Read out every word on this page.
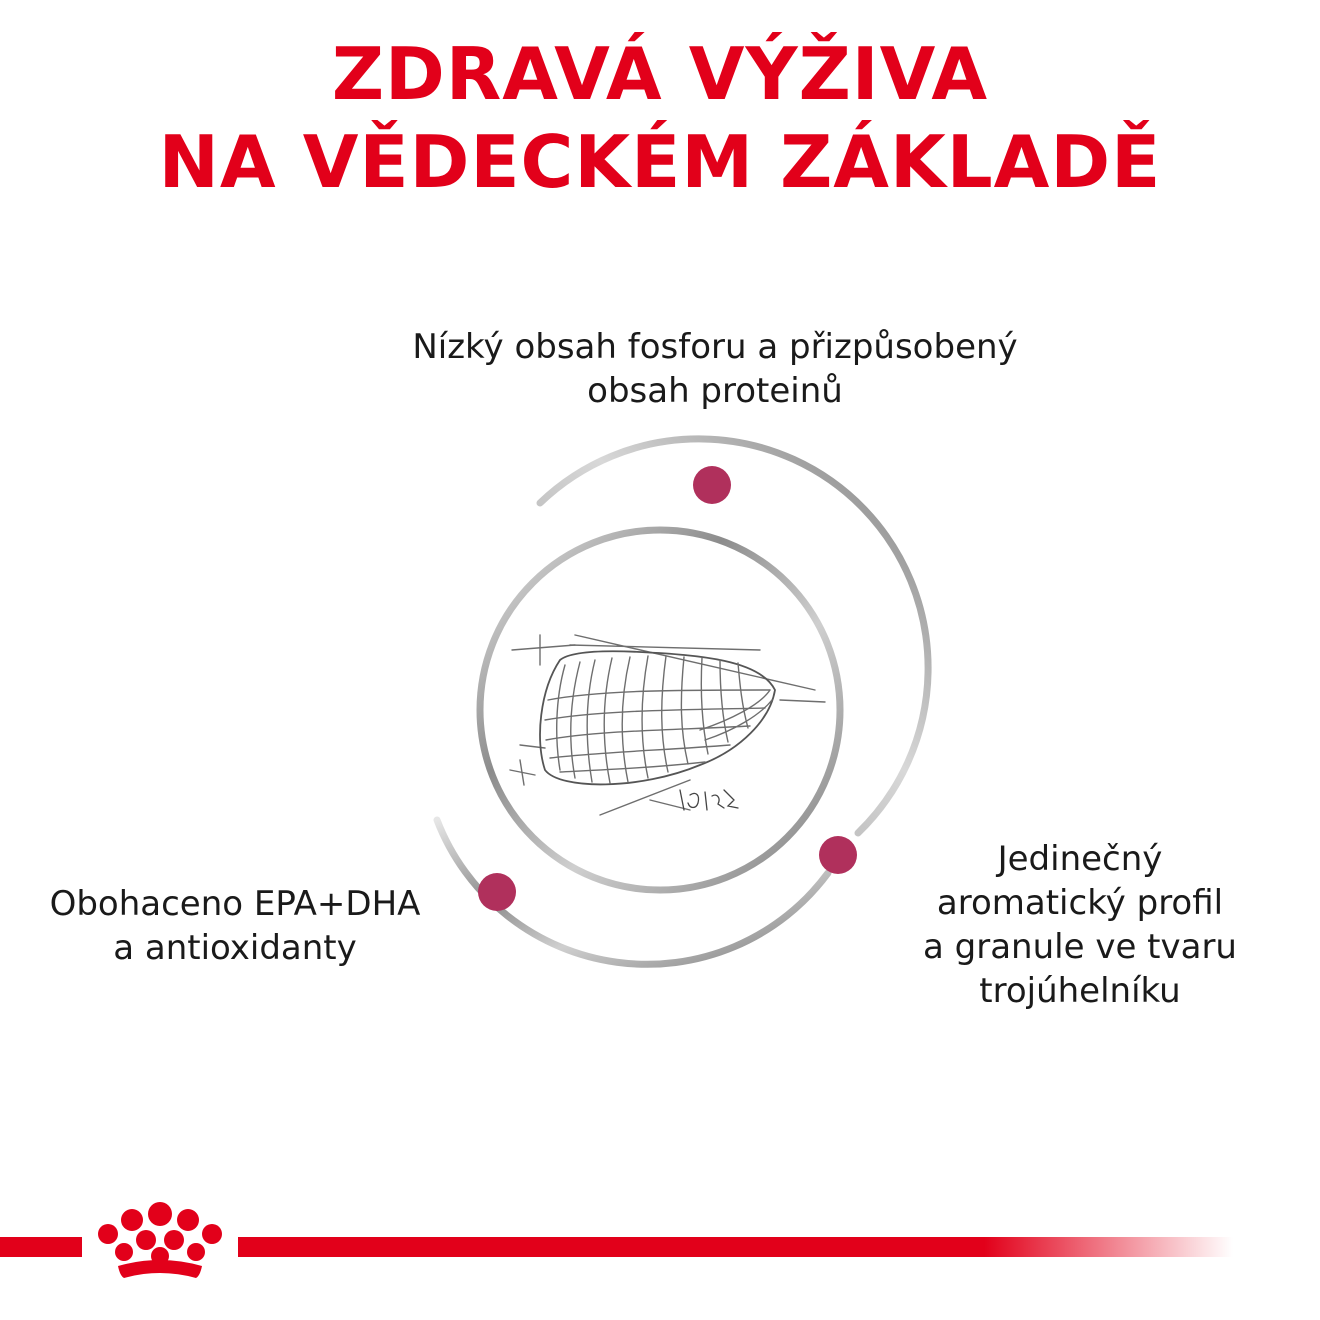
ZDRAVÁ VÝŽIVA
NA VĚDECKÉM ZÁKLADĚ
Nízký obsah fosforu a přizpůsobený
obsah proteinů
Obohaceno EPA+DHA
a antioxidanty
Jedinečný
aromatický profil
a granule ve tvaru
trojúhelníku
